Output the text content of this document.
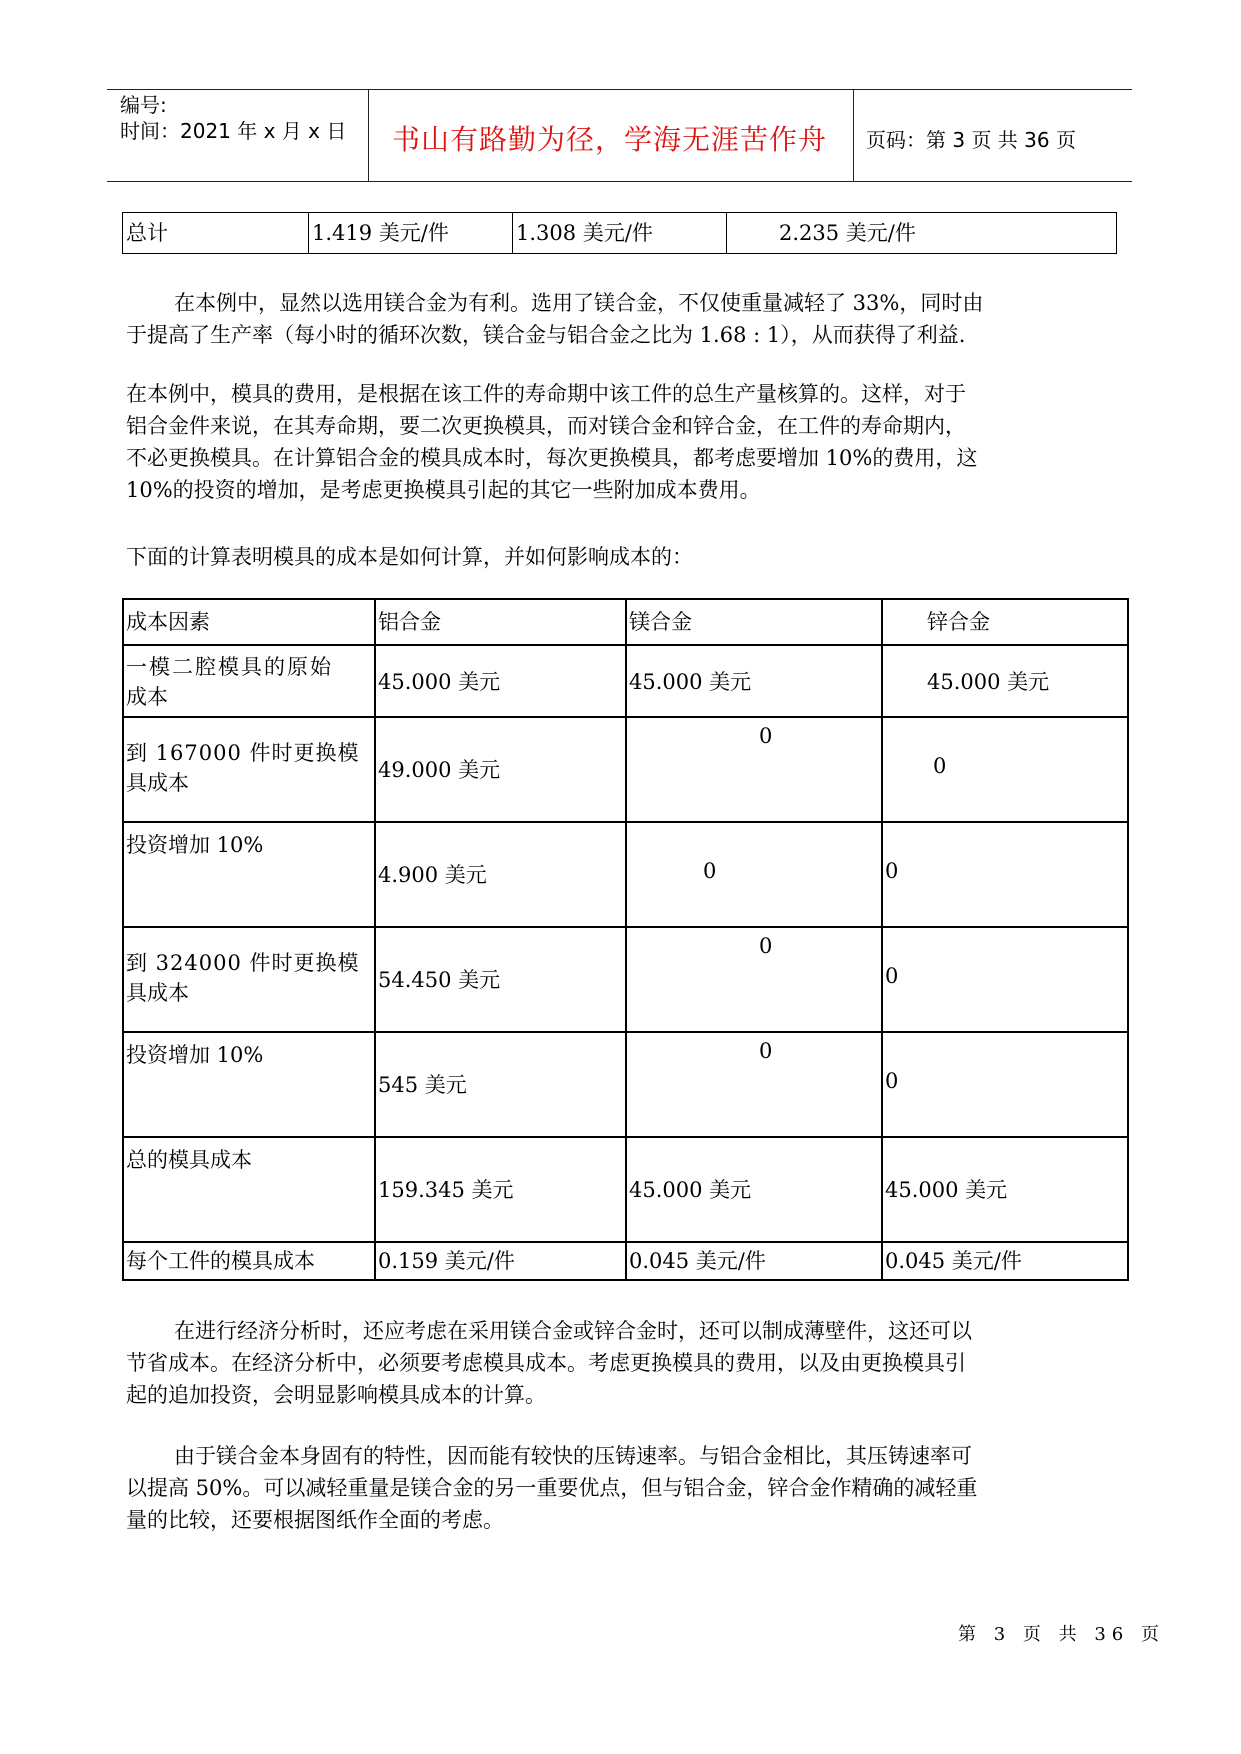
编号:
时间：2021 年 x 月 x 日 书山有路勤为径，学海无涯苦作舟 页码：第 3 页 共 36 页
总计	1.419 美元/件	1.308 美元/件	2.235 美元/件
在本例中，显然以选用镁合金为有利。选用了镁合金，不仅使重量减轻了 33%，同时由
于提高了生产率（每小时的循环次数，镁合金与铝合金之比为 1.68 : 1），从而获得了利益.
在本例中，模具的费用，是根据在该工件的寿命期中该工件的总生产量核算的。这样，对于
铝合金件来说，在其寿命期，要二次更换模具，而对镁合金和锌合金，在工件的寿命期内，
不必更换模具。在计算铝合金的模具成本时，每次更换模具，都考虑要增加 10%的费用，这
10%的投资的增加，是考虑更换模具引起的其它一些附加成本费用。
下面的计算表明模具的成本是如何计算，并如何影响成本的：
成本因素	铝合金	镁合金	锌合金

一模二腔模具的原始
成本	45.000 美元	45.000 美元	45.000 美元

到 167000 件时更换模
具成本	49.000 美元	0	0

投资增加 10%	4.900 美元	0	0

到 324000 件时更换模
具成本	54.450 美元	0	0

投资增加 10%	545 美元	0	0

总的模具成本	159.345 美元	45.000 美元	45.000 美元

每个工件的模具成本	0.159 美元/件	0.045 美元/件	0.045 美元/件
在进行经济分析时，还应考虑在采用镁合金或锌合金时，还可以制成薄壁件，这还可以
节省成本。在经济分析中，必须要考虑模具成本。考虑更换模具的费用，以及由更换模具引
起的追加投资，会明显影响模具成本的计算。
由于镁合金本身固有的特性，因而能有较快的压铸速率。与铝合金相比，其压铸速率可
以提高 50%。可以减轻重量是镁合金的另一重要优点，但与铝合金，锌合金作精确的减轻重
量的比较，还要根据图纸作全面的考虑。
第 3 页 共 36 页
